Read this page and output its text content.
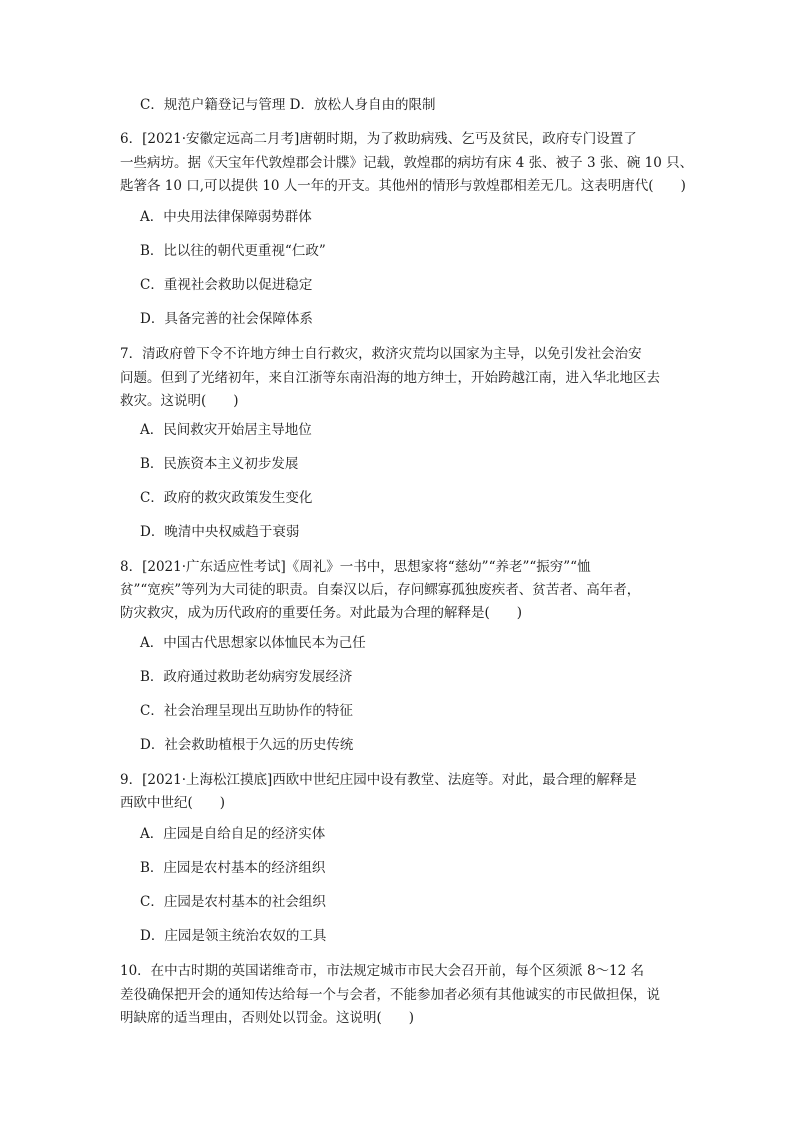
C．规范户籍登记与管理 D．放松人身自由的限制
6．[2021·安徽定远高二月考]唐朝时期，为了救助病残、乞丐及贫民，政府专门设置了
一些病坊。据《天宝年代敦煌郡会计牒》记载，敦煌郡的病坊有床 4 张、被子 3 张、碗 10 只、
匙箸各 10 口,可以提供 10 人一年的开支。其他州的情形与敦煌郡相差无几。这表明唐代(　　)
A．中央用法律保障弱势群体
B．比以往的朝代更重视“仁政”
C．重视社会救助以促进稳定
D．具备完善的社会保障体系
7．清政府曾下令不许地方绅士自行救灾，救济灾荒均以国家为主导，以免引发社会治安
问题。但到了光绪初年，来自江浙等东南沿海的地方绅士，开始跨越江南，进入华北地区去
救灾。这说明(　　)
A．民间救灾开始居主导地位
B．民族资本主义初步发展
C．政府的救灾政策发生变化
D．晚清中央权威趋于衰弱
8．[2021·广东适应性考试]《周礼》一书中，思想家将“慈幼”“养老”“振穷”“恤
贫”“宽疾”等列为大司徒的职责。自秦汉以后，存问鳏寡孤独废疾者、贫苦者、高年者，
防灾救灾，成为历代政府的重要任务。对此最为合理的解释是(　　)
A．中国古代思想家以体恤民本为己任
B．政府通过救助老幼病穷发展经济
C．社会治理呈现出互助协作的特征
D．社会救助植根于久远的历史传统
9．[2021·上海松江摸底]西欧中世纪庄园中设有教堂、法庭等。对此，最合理的解释是
西欧中世纪(　　)
A．庄园是自给自足的经济实体
B．庄园是农村基本的经济组织
C．庄园是农村基本的社会组织
D．庄园是领主统治农奴的工具
10．在中古时期的英国诺维奇市，市法规定城市市民大会召开前，每个区须派 8～12 名
差役确保把开会的通知传达给每一个与会者，不能参加者必须有其他诚实的市民做担保，说
明缺席的适当理由，否则处以罚金。这说明(　　)
